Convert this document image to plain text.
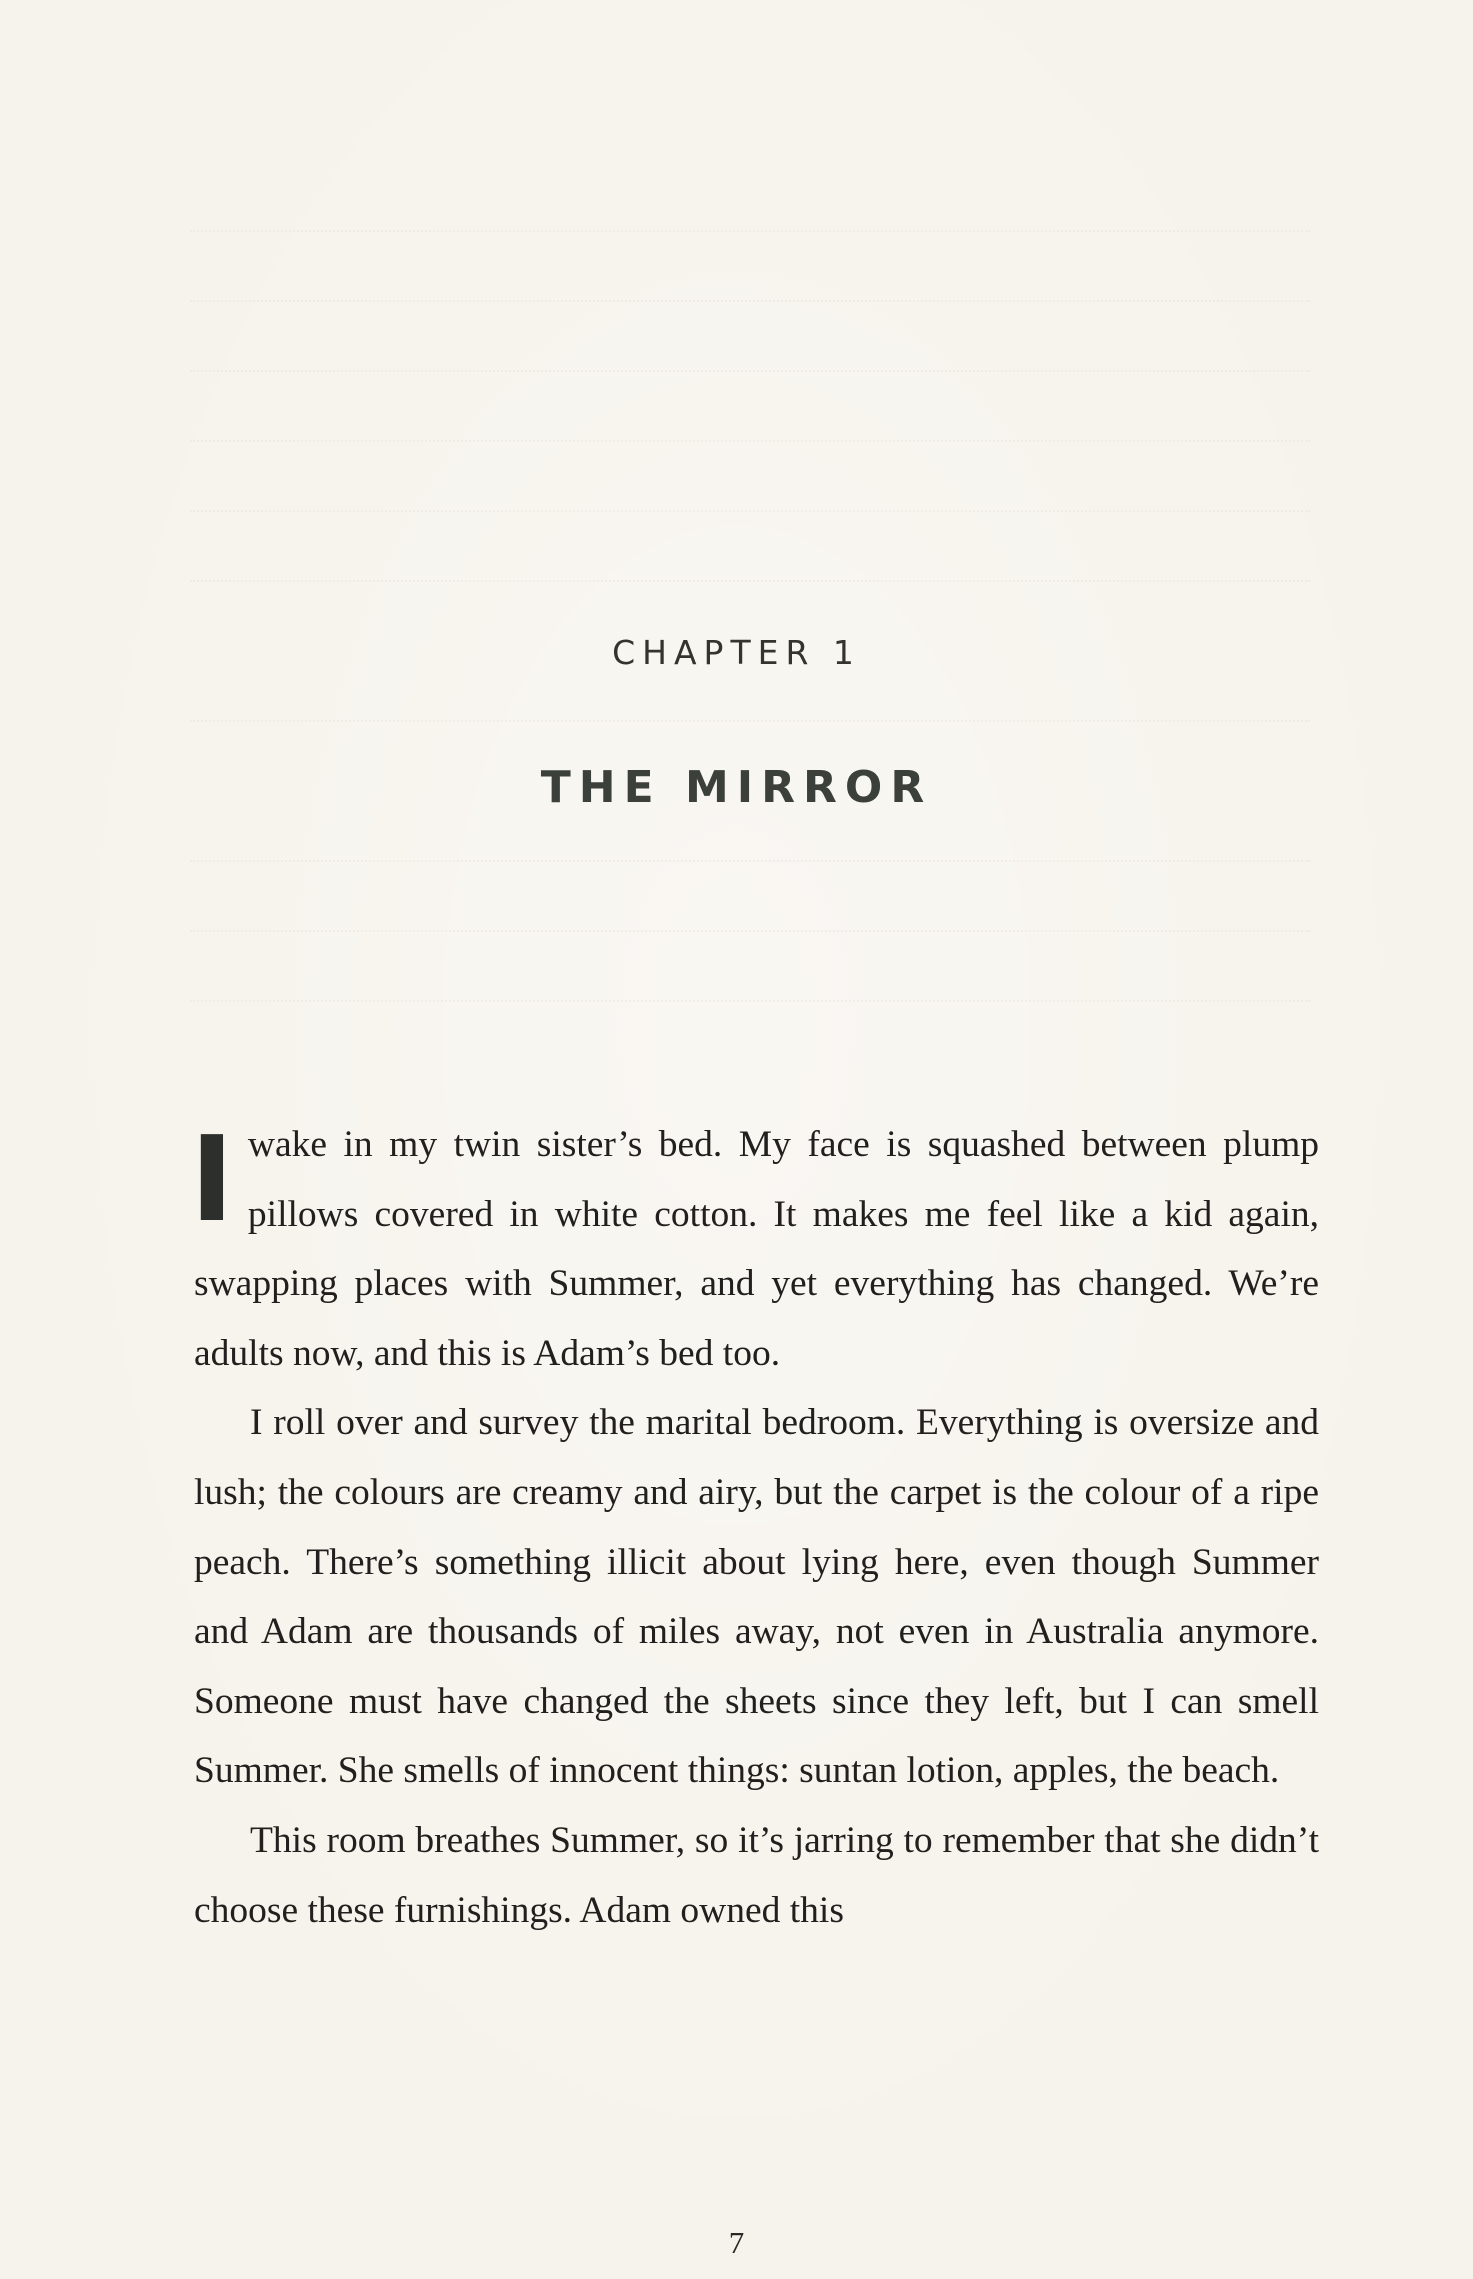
CHAPTER 1
THE MIRROR

Iwake in my twin sister’s bed. My face is squashed between plump pillows covered in white cotton. It makes me feel like a kid again, swapping places with Summer, and yet everything has changed. We’re adults now, and this is Adam’s bed too.

I roll over and survey the marital bedroom. Everything is oversize and lush; the colours are creamy and airy, but the carpet is the colour of a ripe peach. There’s something illicit about lying here, even though Summer and Adam are thousands of miles away, not even in Australia anymore. Someone must have changed the sheets since they left, but I can smell Summer. She smells of innocent things: suntan lotion, apples, the beach.

This room breathes Summer, so it’s jarring to remember that she didn’t choose these furnishings. Adam owned this

7
